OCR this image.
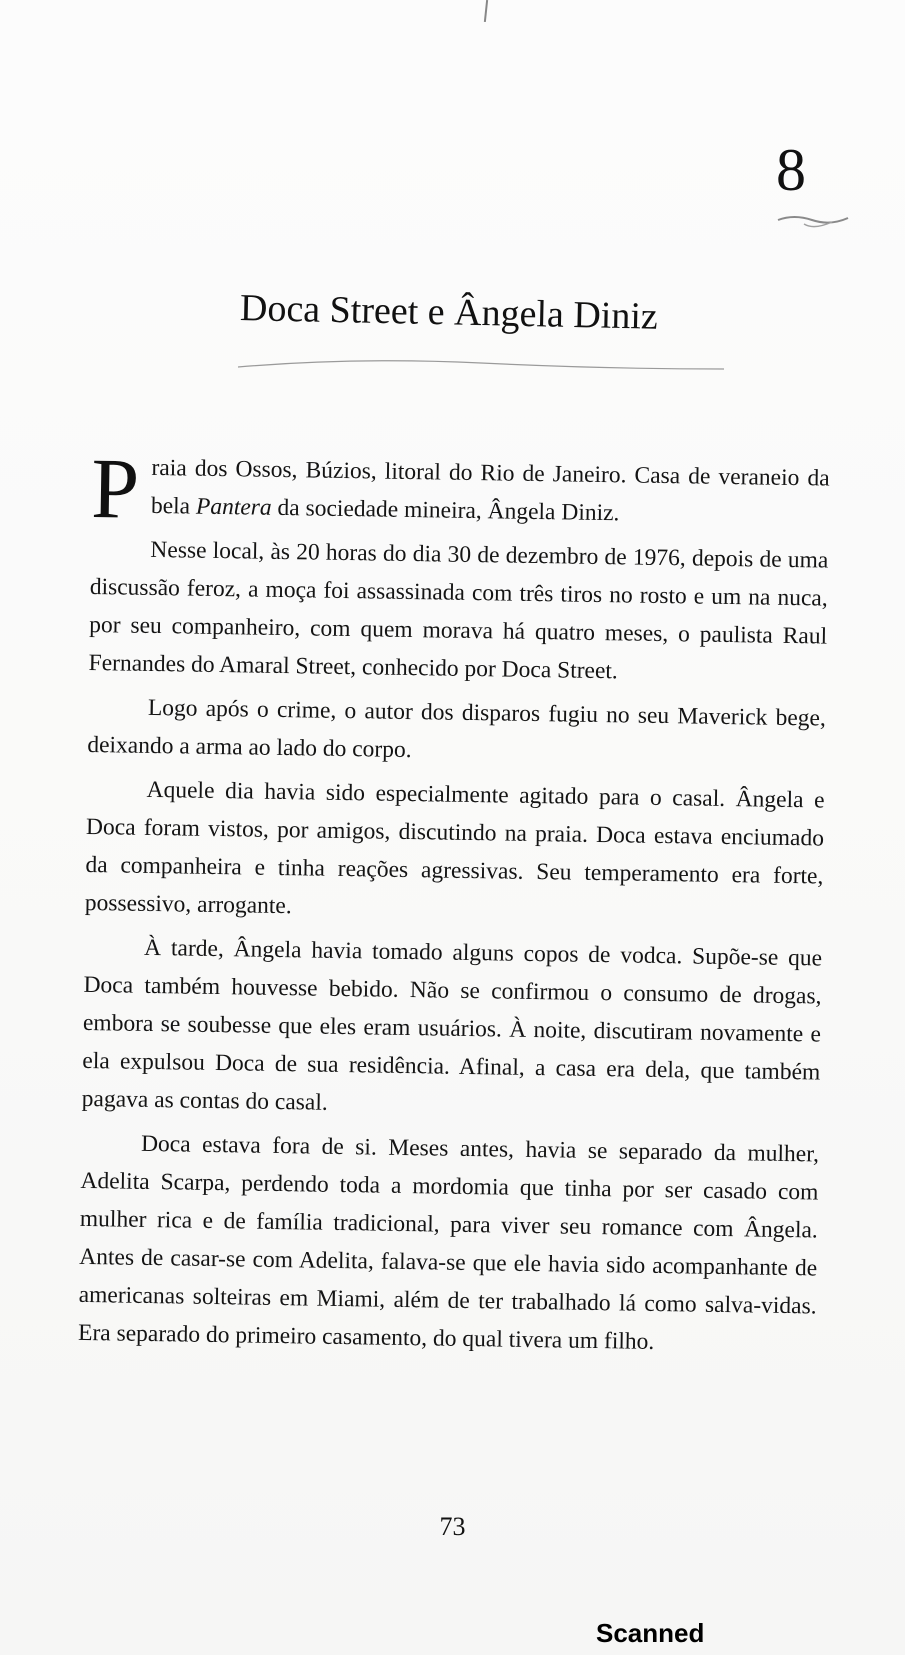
8
Doca Street e Ângela Diniz

Praia dos Ossos, Búzios, litoral do Rio de Janeiro. Casa de veraneio da bela Pantera da sociedade mineira, Ângela Diniz.

Nesse local, às 20 horas do dia 30 de dezembro de 1976, depois de uma discussão feroz, a moça foi assassinada com três tiros no rosto e um na nuca, por seu companheiro, com quem morava há quatro meses, o paulista Raul Fernandes do Amaral Street, conhecido por Doca Street.

Logo após o crime, o autor dos disparos fugiu no seu Maverick bege, deixando a arma ao lado do corpo.

Aquele dia havia sido especialmente agitado para o casal. Ângela e Doca foram vistos, por amigos, discutindo na praia. Doca estava enciumado da companheira e tinha reações agressivas. Seu temperamento era forte, possessivo, arrogante.

À tarde, Ângela havia tomado alguns copos de vodca. Supõe-se que Doca também houvesse bebido. Não se confirmou o consumo de drogas, embora se soubesse que eles eram usuários. À noite, discutiram novamente e ela expulsou Doca de sua residência. Afinal, a casa era dela, que também pagava as contas do casal.

Doca estava fora de si. Meses antes, havia se separado da mulher, Adelita Scarpa, perdendo toda a mordomia que tinha por ser casado com mulher rica e de família tradicional, para viver seu romance com Ângela. Antes de casar-se com Adelita, falava-se que ele havia sido acompanhante de americanas solteiras em Miami, além de ter trabalhado lá como salva-vidas. Era separado do primeiro casamento, do qual tivera um filho.

73
Scanned
